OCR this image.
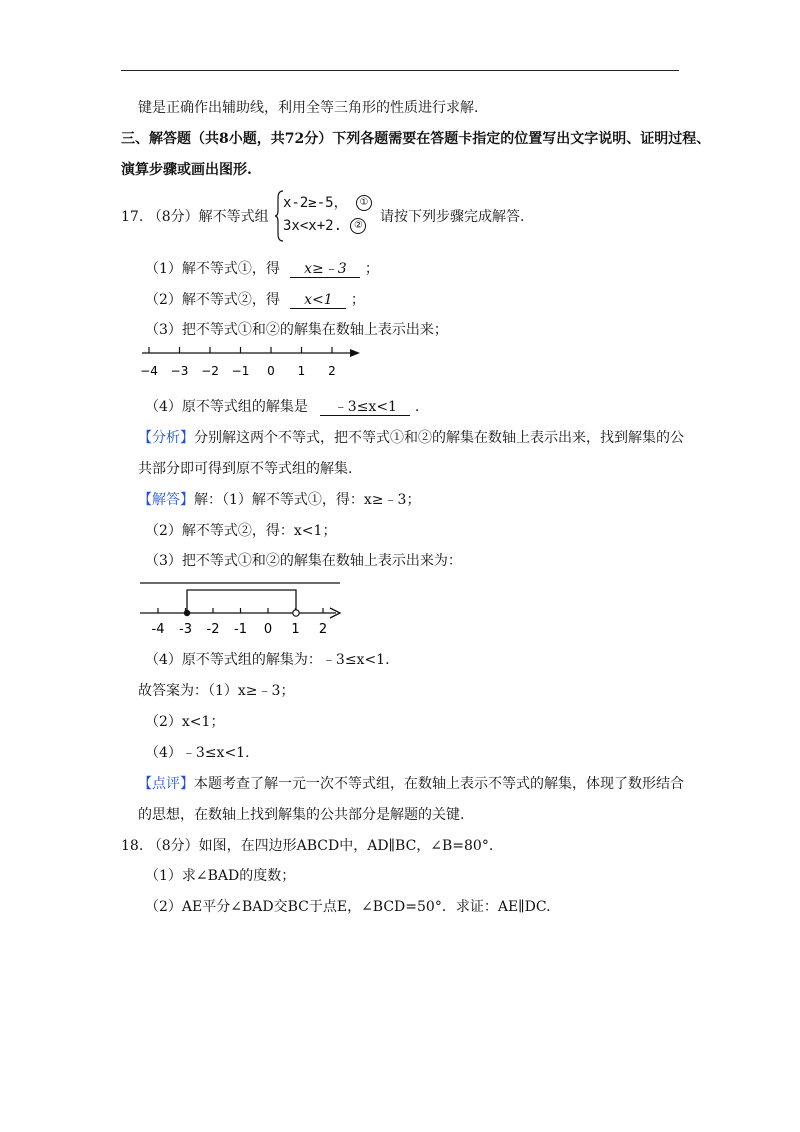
键是正确作出辅助线，利用全等三角形的性质进行求解.
三、解答题（共8小题，共72分）下列各题需要在答题卡指定的位置写出文字说明、证明过程、
演算步骤或画出图形.
17. （8分）解不等式组
x-2≥-5， ①
3x<x+2. ②
请按下列步骤完成解答.
（1）解不等式①，得 x≥﹣3 ；
（2）解不等式②，得 x<1 ；
（3）把不等式①和②的解集在数轴上表示出来；
−4 −3 −2 −1 0 1 2
（4）原不等式组的解集是 ﹣3≤x<1 .
【分析】分别解这两个不等式，把不等式①和②的解集在数轴上表示出来，找到解集的公
共部分即可得到原不等式组的解集.
【解答】解：（1）解不等式①，得：x≥﹣3；
（2）解不等式②，得：x<1；
（3）把不等式①和②的解集在数轴上表示出来为：
-4 -3 -2 -1 0 1 2
（4）原不等式组的解集为：﹣3≤x<1.
故答案为：（1）x≥﹣3；
（2）x<1；
（4）﹣3≤x<1.
【点评】本题考查了解一元一次不等式组，在数轴上表示不等式的解集，体现了数形结合
的思想，在数轴上找到解集的公共部分是解题的关键.
18. （8分）如图，在四边形ABCD中，AD∥BC，∠B=80°.
（1）求∠BAD的度数；
（2）AE平分∠BAD交BC于点E，∠BCD=50°．求证：AE∥DC.
